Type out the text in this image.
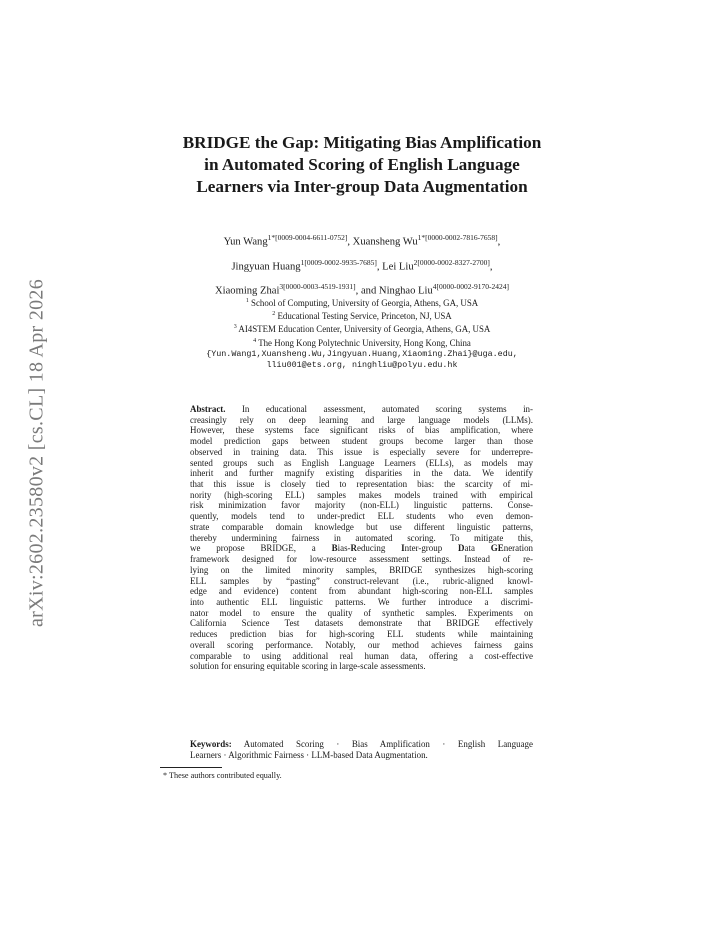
arXiv:2602.23580v2 [cs.CL] 18 Apr 2026
BRIDGE the Gap: Mitigating Bias Amplification
in Automated Scoring of English Language
Learners via Inter-group Data Augmentation
Yun Wang$^{1*[0009-0004-6611-0752]}$, Xuansheng $Wu^{1*[0000-0002-7816-7658]}$,
Jingyuan Huang$^{1[0009-0002-9935-7685]}$, Lei Liu$^{2[0000-0002-8327-2700]}$,
Xiaoming Zhai$^{3[0000-0003-4519-1931]}$, and Ninghao Liu$^{4[0000-0002-9170-2424]}$
$^1$ School of Computing, University of Georgia, Athens, GA, USA
$^2$ Educational Testing Service, Princeton, NJ, USA
$^3$ AI4STEM Education Center, University of Georgia, Athens, GA, USA
$^4$ The Hong Kong Polytechnic University, Hong Kong, China
{Yun.Wang1,Xuansheng.Wu,Jingyuan.Huang,Xiaoming.Zhai}@uga.edu,
lliu001@ets.org, ninghliu@polyu.edu.hk
Abstract. In educational assessment, automated scoring systems in-
creasingly rely on deep learning and large language models (LLMs).
However, these systems face significant risks of bias amplification, where
model prediction gaps between student groups become larger than those
observed in training data. This issue is especially severe for underrepre-
sented groups such as English Language Learners (ELLs), as models may
inherit and further magnify existing disparities in the data. We identify
that this issue is closely tied to representation bias: the scarcity of mi-
nority (high-scoring ELL) samples makes models trained with empirical
risk minimization favor majority (non-ELL) linguistic patterns. Conse-
quently, models tend to under-predict ELL students who even demon-
strate comparable domain knowledge but use different linguistic patterns,
thereby undermining fairness in automated scoring. To mitigate this,
we propose BRIDGE, a Bias-Reducing Inter-group Data GEneration
framework designed for low-resource assessment settings. Instead of re-
lying on the limited minority samples, BRIDGE synthesizes high-scoring
ELL samples by “pasting” construct-relevant (i.e., rubric-aligned knowl-
edge and evidence) content from abundant high-scoring non-ELL samples
into authentic ELL linguistic patterns. We further introduce a discrimi-
nator model to ensure the quality of synthetic samples. Experiments on
California Science Test datasets demonstrate that BRIDGE effectively
reduces prediction bias for high-scoring ELL students while maintaining
overall scoring performance. Notably, our method achieves fairness gains
comparable to using additional real human data, offering a cost-effective
solution for ensuring equitable scoring in large-scale assessments.
Keywords: Automated Scoring · Bias Amplification · English Language
Learners · Algorithmic Fairness · LLM-based Data Augmentation.
* These authors contributed equally.
